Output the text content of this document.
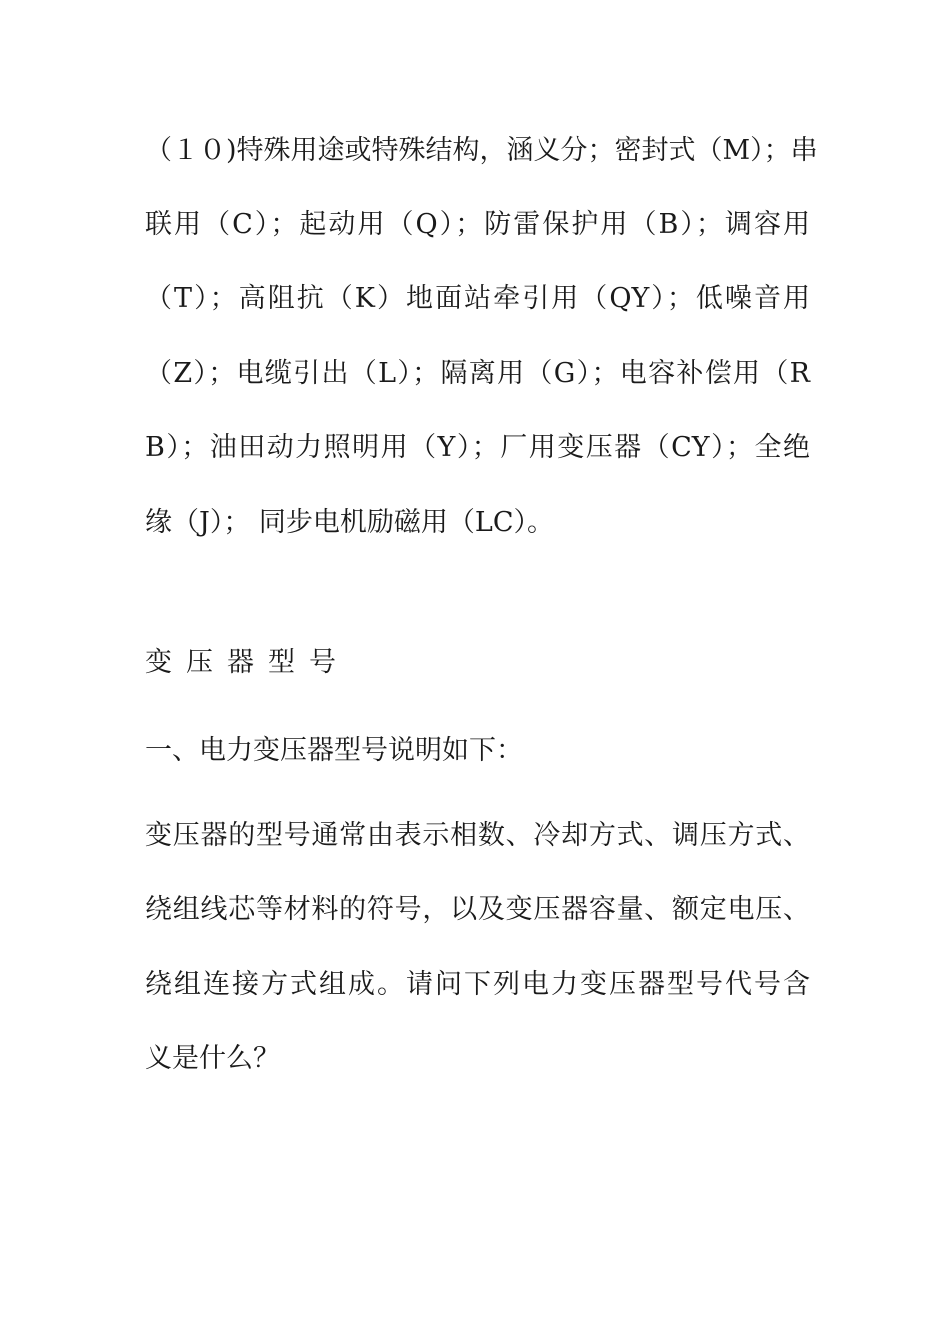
（１０)特殊用途或特殊结构，涵义分；密封式（M）；串
联用（C）；起动用（Q）；防雷保护用（B）；调容用
（T）；高阻抗（K）地面站牵引用（QY）；低噪音用
（Z）；电缆引出（L）；隔离用（G）；电容补偿用（R
B）；油田动力照明用（Y）；厂用变压器（CY）；全绝
缘（J）； 同步电机励磁用（LC）。
变压器型号
一、电力变压器型号说明如下：
变压器的型号通常由表示相数、冷却方式、调压方式、
绕组线芯等材料的符号，以及变压器容量、额定电压、
绕组连接方式组成。请问下列电力变压器型号代号含
义是什么？
